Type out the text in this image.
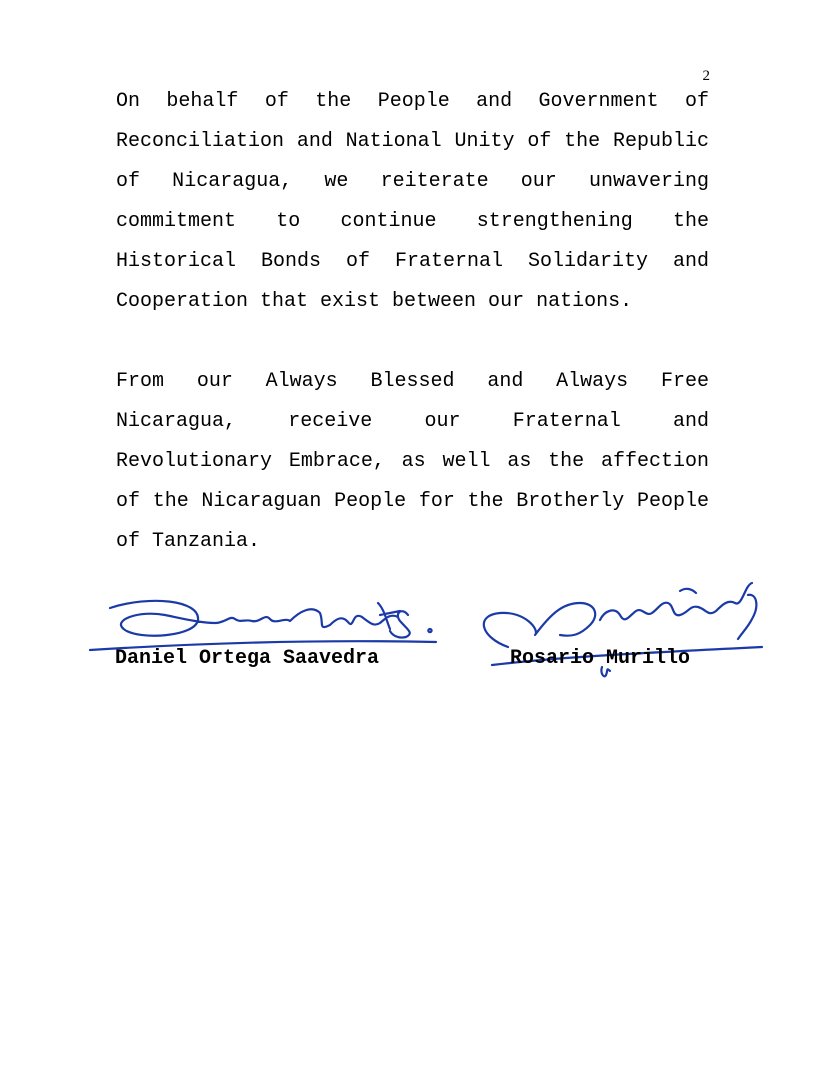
2

On behalf of the People and Government of Reconciliation and National Unity of the Republic of Nicaragua, we reiterate our unwavering commitment to continue strengthening the Historical Bonds of Fraternal Solidarity and Cooperation that exist between our nations.

From our Always Blessed and Always Free Nicaragua, receive our Fraternal and Revolutionary Embrace, as well as the affection of the Nicaraguan People for the Brotherly People of Tanzania.

Daniel Ortega Saavedra	Rosario Murillo
